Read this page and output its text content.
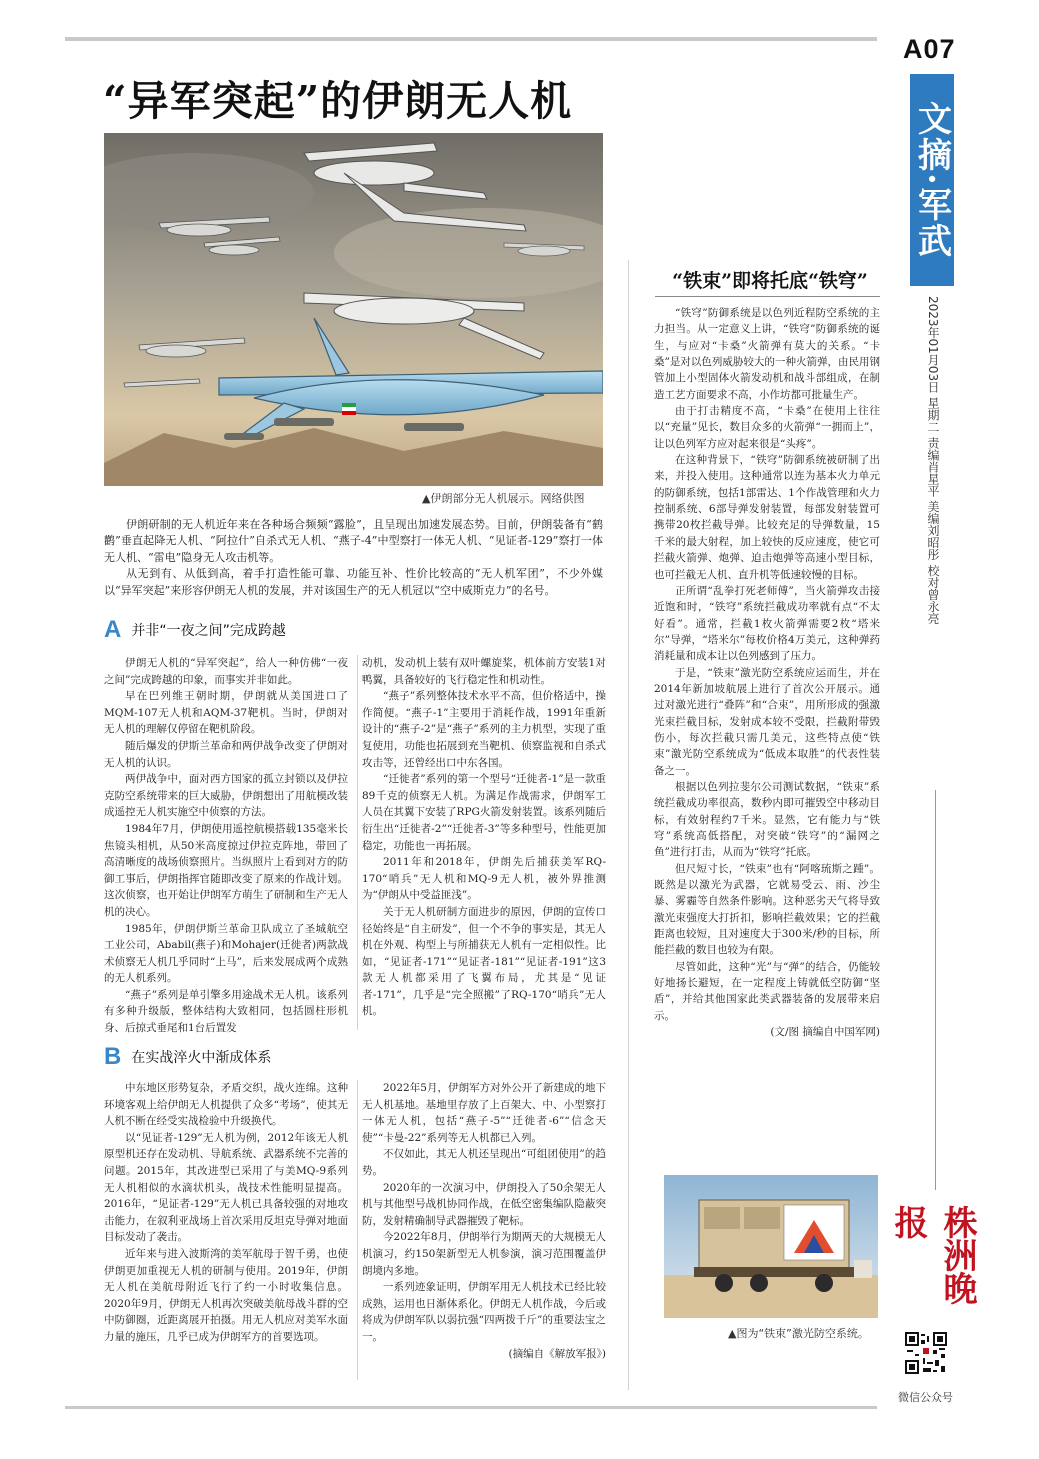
A07
文摘·军武
2023年01月03日 星期二 责编肖星平 美编刘昭彤 校对曾永亮
株洲晚报
微信公众号
“异军突起”的伊朗无人机
▲伊朗部分无人机展示。网络供图

伊朗研制的无人机近年来在各种场合频频“露脸”，且呈现出加速发展态势。目前，伊朗装备有“鹤鹳”垂直起降无人机、“阿拉什”自杀式无人机、“燕子-4”中型察打一体无人机、“见证者-129”察打一体无人机、“雷电”隐身无人攻击机等。

从无到有、从低到高，着手打造性能可靠、功能互补、性价比较高的“无人机军团”，不少外媒以“异军突起”来形容伊朗无人机的发展，并对该国生产的无人机冠以“空中威斯克力”的名号。

A 并非“一夜之间”完成跨越

伊朗无人机的“异军突起”，给人一种仿佛“一夜之间”完成跨越的印象，而事实并非如此。

早在巴列维王朝时期，伊朗就从美国进口了MQM-107无人机和AQM-37靶机。当时，伊朗对无人机的理解仅停留在靶机阶段。

随后爆发的伊斯兰革命和两伊战争改变了伊朗对无人机的认识。

两伊战争中，面对西方国家的孤立封锁以及伊拉克防空系统带来的巨大威胁，伊朗想出了用航模改装成遥控无人机实施空中侦察的方法。

1984年7月，伊朗使用遥控航模搭载135毫米长焦镜头相机，从50米高度掠过伊拉克阵地，带回了高清晰度的战场侦察照片。当纵照片上看到对方的防御工事后，伊朗指挥官随即改变了原来的作战计划。这次侦察，也开始让伊朗军方萌生了研制和生产无人机的决心。

1985年，伊朗伊斯兰革命卫队成立了圣城航空工业公司，Ababil(燕子)和Mohajer(迁徙者)两款战术侦察无人机几乎同时“上马”，后来发展成两个成熟的无人机系列。

“燕子”系列是单引擎多用途战术无人机。该系列有多种升级版，整体结构大致相同，包括圆柱形机身、后掠式垂尾和1台后置发

动机，发动机上装有双叶螺旋桨，机体前方安装1对鸭翼，具备较好的飞行稳定性和机动性。

“燕子”系列整体技术水平不高，但价格适中，操作简便。“燕子-1”主要用于消耗作战，1991年重新设计的“燕子-2”是“燕子”系列的主力机型，实现了重复使用，功能也拓展到充当靶机、侦察监视和自杀式攻击等，还曾经出口中东各国。

“迁徙者”系列的第一个型号“迁徙者-1”是一款重89千克的侦察无人机。为满足作战需求，伊朗军工人员在其翼下安装了RPG火箭发射装置。该系列随后衍生出“迁徙者-2”“迁徙者-3”等多种型号，性能更加稳定，功能也一再拓展。

2011年和2018年，伊朗先后捕获美军RQ-170“哨兵”无人机和MQ-9无人机，被外界推测为“伊朗从中受益匪浅”。

关于无人机研制方面进步的原因，伊朗的宣传口径始终是“自主研发”，但一个不争的事实是，其无人机在外观、构型上与所捕获无人机有一定相似性。比如，“见证者-171”“见证者-181”“见证者-191”这3款无人机都采用了飞翼布局，尤其是“见证者-171”，几乎是“完全照搬”了RQ-170“哨兵”无人机。

B 在实战淬火中渐成体系

中东地区形势复杂，矛盾交织，战火连绵。这种环境客观上给伊朗无人机提供了众多“考场”，使其无人机不断在经受实战检验中升级换代。

以“见证者-129”无人机为例，2012年该无人机原型机还存在发动机、导航系统、武器系统不完善的问题。2015年，其改进型已采用了与美MQ-9系列无人机相似的水滴状机头，战技术性能明显提高。2016年，“见证者-129”无人机已具备较强的对地攻击能力，在叙利亚战场上首次采用反坦克导弹对地面目标发动了袭击。

近年来与进入波斯湾的美军航母于智千勇，也使伊朗更加重视无人机的研制与使用。2019年，伊朗无人机在美航母附近飞行了约一小时收集信息。2020年9月，伊朗无人机再次突破美航母战斗群的空中防御圈，近距离展开拍摄。用无人机应对美军水面力量的施压，几乎已成为伊朗军方的首要选项。

2022年5月，伊朗军方对外公开了新建成的地下无人机基地。基地里存放了上百架大、中、小型察打一体无人机，包括“燕子-5”“迁徙者-6”“信念天使”“卡曼-22”系列等无人机都已入列。

不仅如此，其无人机还呈现出“可组团使用”的趋势。

2020年的一次演习中，伊朗投入了50余架无人机与其他型号战机协同作战，在低空密集编队隐蔽突防，发射精确制导武器摧毁了靶标。

今2022年8月，伊朗举行为期两天的大规模无人机演习，约150架新型无人机参演，演习范围覆盖伊朗境内多地。

一系列迹象证明，伊朗军用无人机技术已经比较成熟，运用也日渐体系化。伊朗无人机作战，今后或将成为伊朗军队以弱抗强“四两拨千斤”的重要法宝之一。

(摘编自《解放军报》)

“铁束”即将托底“铁穹”

“铁穹”防御系统是以色列近程防空系统的主力担当。从一定意义上讲，“铁穹”防御系统的诞生，与应对“卡桑”火箭弹有莫大的关系。“卡桑”是对以色列威胁较大的一种火箭弹，由民用钢管加上小型固体火箭发动机和战斗部组成，在制造工艺方面要求不高，小作坊都可批量生产。

由于打击精度不高，“卡桑”在使用上往往以“充量”见长，数目众多的火箭弹“一拥而上”，让以色列军方应对起来很是“头疼”。

在这种背景下，“铁穹”防御系统被研制了出来，并投入使用。这种通常以连为基本火力单元的防御系统，包括1部雷达、1个作战管理和火力控制系统、6部导弹发射装置，每部发射装置可携带20枚拦截导弹。比较充足的导弹数量，15千米的最大射程，加上较快的反应速度，使它可拦截火箭弹、炮弹、迫击炮弹等高速小型目标，也可拦截无人机、直升机等低速较慢的目标。

正所谓“乱拳打死老师傅”，当火箭弹攻击接近饱和时，“铁穹”系统拦截成功率就有点“不太好看”。通常，拦截1枚火箭弹需要2枚“塔米尔”导弹，“塔米尔”每枚价格4万美元，这种弹药消耗量和成本让以色列感到了压力。

于是，“铁束”激光防空系统应运而生，并在2014年新加坡航展上进行了首次公开展示。通过对激光进行“叠阵”和“合束”，用所形成的强激光束拦截目标，发射成本较不受限，拦截附带毁伤小，每次拦截只需几美元，这些特点使“铁束”激光防空系统成为“低成本取胜”的代表性装备之一。

根据以色列拉斐尔公司测试数据，“铁束”系统拦截成功率很高，数秒内即可摧毁空中移动目标，有效射程约7千米。显然，它有能力与“铁穹”系统高低搭配，对突破“铁穹”的“漏网之鱼”进行打击，从而为“铁穹”托底。

但尺短寸长，“铁束”也有“阿喀琉斯之踵”。既然是以激光为武器，它就易受云、雨、沙尘暴、雾霾等自然条件影响。这种恶劣天气将导致激光束强度大打折扣，影响拦截效果；它的拦截距离也较短，且对速度大于300米/秒的目标，所能拦截的数目也较为有限。

尽管如此，这种“光”与“弹”的结合，仍能较好地扬长避短，在一定程度上铸就低空防御“坚盾”，并给其他国家此类武器装备的发展带来启示。

(文/图 摘编自中国军网)

▲图为“铁束”激光防空系统。
